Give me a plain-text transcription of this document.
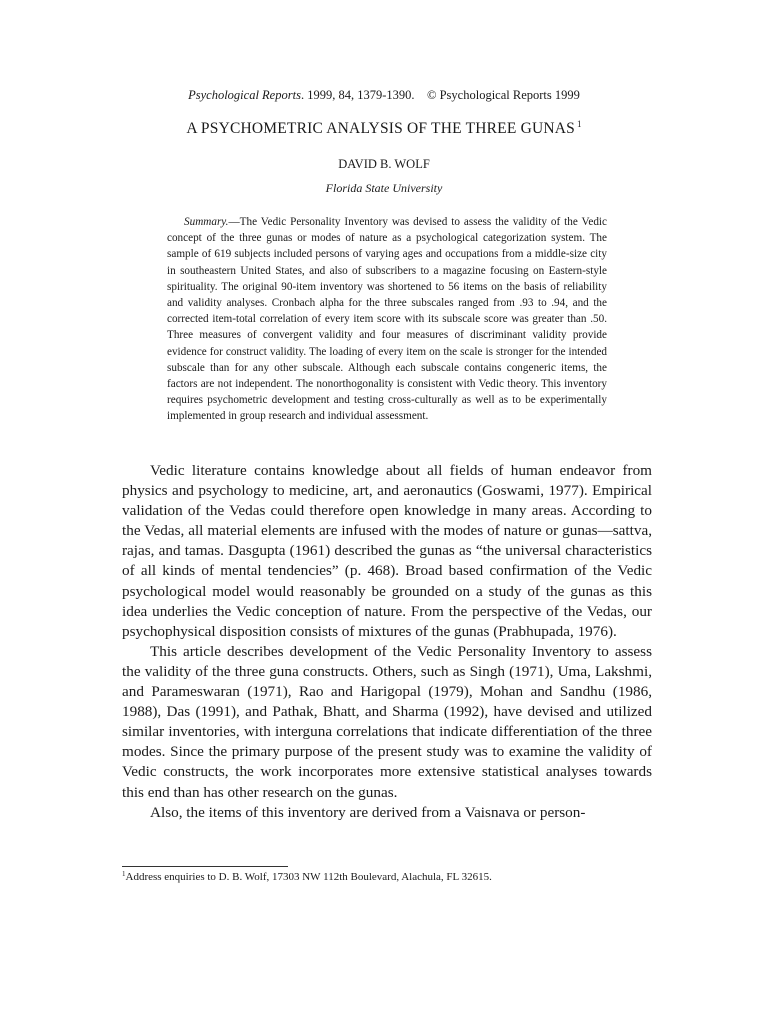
Psychological Reports. 1999, 84, 1379-1390. © Psychological Reports 1999
A PSYCHOMETRIC ANALYSIS OF THE THREE GUNAS $^1$
DAVID B. WOLF
Florida State University
Summary.—The Vedic Personality Inventory was devised to assess the validity of the Vedic concept of the three gunas or modes of nature as a psychological categorization system. The sample of 619 subjects included persons of varying ages and occupations from a middle-size city in southeastern United States, and also of subscribers to a magazine focusing on Eastern-style spirituality. The original 90-item inventory was shortened to 56 items on the basis of reliability and validity analyses. Cronbach alpha for the three subscales ranged from .93 to .94, and the corrected item-total correlation of every item score with its subscale score was greater than .50. Three measures of convergent validity and four measures of discriminant validity provide evidence for construct validity. The loading of every item on the scale is stronger for the intended subscale than for any other subscale. Although each subscale contains congeneric items, the factors are not independent. The nonorthogonality is consistent with Vedic theory. This inventory requires psychometric development and testing cross-culturally as well as to be experimentally implemented in group research and individual assessment.

Vedic literature contains knowledge about all fields of human endeavor from physics and psychology to medicine, art, and aeronautics (Goswami, 1977). Empirical validation of the Vedas could therefore open knowledge in many areas. According to the Vedas, all material elements are infused with the modes of nature or gunas—sattva, rajas, and tamas. Dasgupta (1961) described the gunas as “the universal characteristics of all kinds of mental tendencies” (p. 468). Broad based confirmation of the Vedic psychological model would reasonably be grounded on a study of the gunas as this idea underlies the Vedic conception of nature. From the perspective of the Vedas, our psychophysical disposition consists of mixtures of the gunas (Prabhupada, 1976).

This article describes development of the Vedic Personality Inventory to assess the validity of the three guna constructs. Others, such as Singh (1971), Uma, Lakshmi, and Parameswaran (1971), Rao and Harigopal (1979), Mohan and Sandhu (1986, 1988), Das (1991), and Pathak, Bhatt, and Sharma (1992), have devised and utilized similar inventories, with interguna correlations that indicate differentiation of the three modes. Since the primary purpose of the present study was to examine the validity of Vedic constructs, the work incorporates more extensive statistical analyses towards this end than has other research on the gunas.

Also, the items of this inventory are derived from a Vaisnava or person-

$^1$Address enquiries to D. B. Wolf, 17303 NW 112th Boulevard, Alachula, FL 32615.
